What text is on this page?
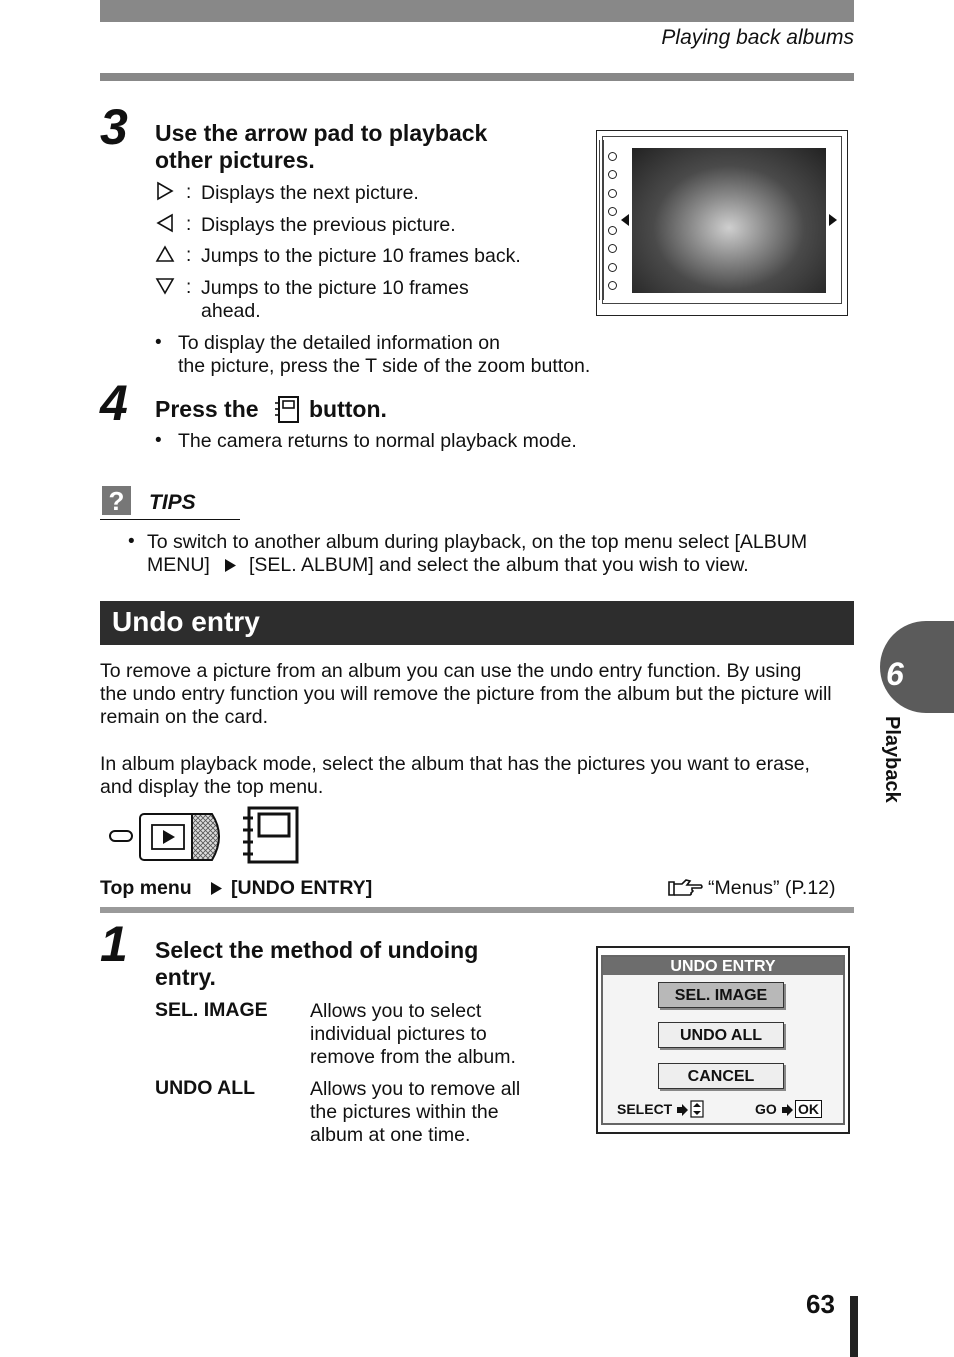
Playing back albums
3 Use the arrow pad to playback
other pictures.
: Displays the next picture.
: Displays the previous picture.
: Jumps to the picture 10 frames back.
: Jumps to the picture 10 frames
ahead.
• To display the detailed information on
the picture, press the T side of the zoom button.
4 Press the button.
• The camera returns to normal playback mode.
? TIPS
• To switch to another album during playback, on the top menu select [ALBUM
MENU] [SEL. ALBUM] and select the album that you wish to view.
Undo entry
To remove a picture from an album you can use the undo entry function. By using
the undo entry function you will remove the picture from the album but the picture will
remain on the card.
In album playback mode, select the album that has the pictures you want to erase,
and display the top menu.
Top menu [UNDO ENTRY]	“Menus” (P.12)
1 Select the method of undoing
entry.
SEL. IMAGE Allows you to select
individual pictures to
remove from the album.
UNDO ALL	Allows you to remove all
the pictures within the
album at one time.
UNDO ENTRY
SEL. IMAGE
UNDO ALL
CANCEL
SELECT	GO OK
6
Playback
63
